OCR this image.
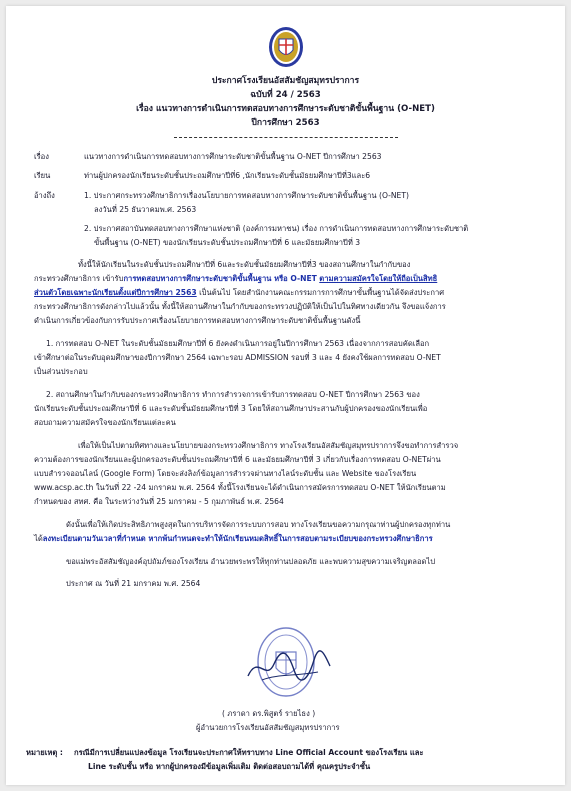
ประกาศโรงเรียนอัสสัมชัญสมุทรปราการ
ฉบับที่ 24 / 2563
เรื่อง แนวทางการดำเนินการทดสอบทางการศึกษาระดับชาติขั้นพื้นฐาน (O-NET)
ปีการศึกษา 2563
เรื่อง	แนวทางการดำเนินการทดสอบทางการศึกษาระดับชาติขั้นพื้นฐาน O-NET ปีการศึกษา 2563
เรียน	ท่านผู้ปกครองนักเรียนระดับชั้นประถมศึกษาปีที่6 ,นักเรียนระดับชั้นมัธยมศึกษาปีที่3และ6
อ้างถึง	1. ประกาศกระทรวงศึกษาธิการเรื่องนโยบายการทดสอบทางการศึกษาระดับชาติขั้นพื้นฐาน (O-NET)
ลงวันที่ 25 ธันวาคมพ.ศ. 2563
2. ประกาศสถาบันทดสอบทางการศึกษาแห่งชาติ (องค์การมหาชน) เรื่อง การดำเนินการทดสอบทางการศึกษาระดับชาติ
ขั้นพื้นฐาน (O-NET) ของนักเรียนระดับชั้นประถมศึกษาปีที่ 6 และมัธยมศึกษาปีที่ 3
ทั้งนี้ให้นักเรียนในระดับชั้นประถมศึกษาปีที่ 6และระดับชั้นมัธยมศึกษาปีที่3 ของสถานศึกษาในกำกับของ
กระทรวงศึกษาธิการ เข้ารับการทดสอบทางการศึกษาระดับชาติขั้นพื้นฐาน หรือ O-NET ตามความสมัครใจโดยให้ถือเป็นสิทธิ
ส่วนตัวโดยเฉพาะนักเรียนตั้งแต่ปีการศึกษา 2563 เป็นต้นไป โดยสำนักงานคณะกรรมการการศึกษาขั้นพื้นฐานได้จัดส่งประกาศ
กระทรวงศึกษาธิการดังกล่าวไปแล้วนั้น ทั้งนี้ให้สถานศึกษาในกำกับของกระทรวงปฏิบัติให้เป็นไปในทิศทางเดียวกัน จึงขอแจ้งการ
ดำเนินการเกี่ยวข้องกับการรับประกาศเรื่องนโยบายการทดสอบทางการศึกษาระดับชาติขั้นพื้นฐานดังนี้
1. การทดสอบ O-NET ในระดับชั้นมัธยมศึกษาปีที่ 6 ยังคงดำเนินการอยู่ในปีการศึกษา 2563 เนื่องจากการสอบคัดเลือก
เข้าศึกษาต่อในระดับอุดมศึกษาของปีการศึกษา 2564 เฉพาะรอบ ADMISSION รอบที่ 3 และ 4 ยังคงใช้ผลการทดสอบ O-NET
เป็นส่วนประกอบ
2. สถานศึกษาในกำกับของกระทรวงศึกษาธิการ ทำการสำรวจการเข้ารับการทดสอบ O-NET ปีการศึกษา 2563 ของ
นักเรียนระดับชั้นประถมศึกษาปีที่ 6 และระดับชั้นมัธยมศึกษาปีที่ 3 โดยให้สถานศึกษาประสานกับผู้ปกครองของนักเรียนเพื่อ
สอบถามความสมัครใจของนักเรียนแต่ละคน
เพื่อให้เป็นไปตามทิศทางและนโยบายของกระทรวงศึกษาธิการ ทางโรงเรียนอัสสัมชัญสมุทรปราการจึงขอทำการสำรวจ
ความต้องการของนักเรียนและผู้ปกครองระดับชั้นประถมศึกษาปีที่ 6 และมัธยมศึกษาปีที่ 3 เกี่ยวกับเรื่องการทดสอบ O-NETผ่าน
แบบสำรวจออนไลน์ (Google Form) โดยจะส่งลิงก์ข้อมูลการสำรวจผ่านทางไลน์ระดับชั้น และ Website ของโรงเรียน
www.acsp.ac.th ในวันที่ 22 -24 มกราคม พ.ศ. 2564 ทั้งนี้โรงเรียนจะได้ดำเนินการสมัครการทดสอบ O-NET ให้นักเรียนตาม
กำหนดของ สทศ. คือ ในระหว่างวันที่ 25 มกราคม - 5 กุมภาพันธ์ พ.ศ. 2564
ดังนั้นเพื่อให้เกิดประสิทธิภาพสูงสุดในการบริหารจัดการระบบการสอบ ทางโรงเรียนขอความกรุณาท่านผู้ปกครองทุกท่าน
ได้ลงทะเบียนตามวันเวลาที่กำหนด หากพ้นกำหนดจะทำให้นักเรียนหมดสิทธิ์ในการสอบตามระเบียบของกระทรวงศึกษาธิการ
ขอแม่พระอัสสัมชัญองค์อุปถัมภ์ของโรงเรียน อำนวยพระพรให้ทุกท่านปลอดภัย และพบความสุขความเจริญตลอดไป
ประกาศ ณ วันที่ 21 มกราคม พ.ศ. 2564
( ภราดา ดร.พิสูตร์ รายไธง )
ผู้อำนวยการโรงเรียนอัสสัมชัญสมุทรปราการ
หมายเหตุ : กรณีมีการเปลี่ยนแปลงข้อมูล โรงเรียนจะประกาศให้ทราบทาง Line Official Account ของโรงเรียน และ
Line ระดับชั้น หรือ หากผู้ปกครองมีข้อมูลเพิ่มเติม ติดต่อสอบถามได้ที่ คุณครูประจำชั้น
